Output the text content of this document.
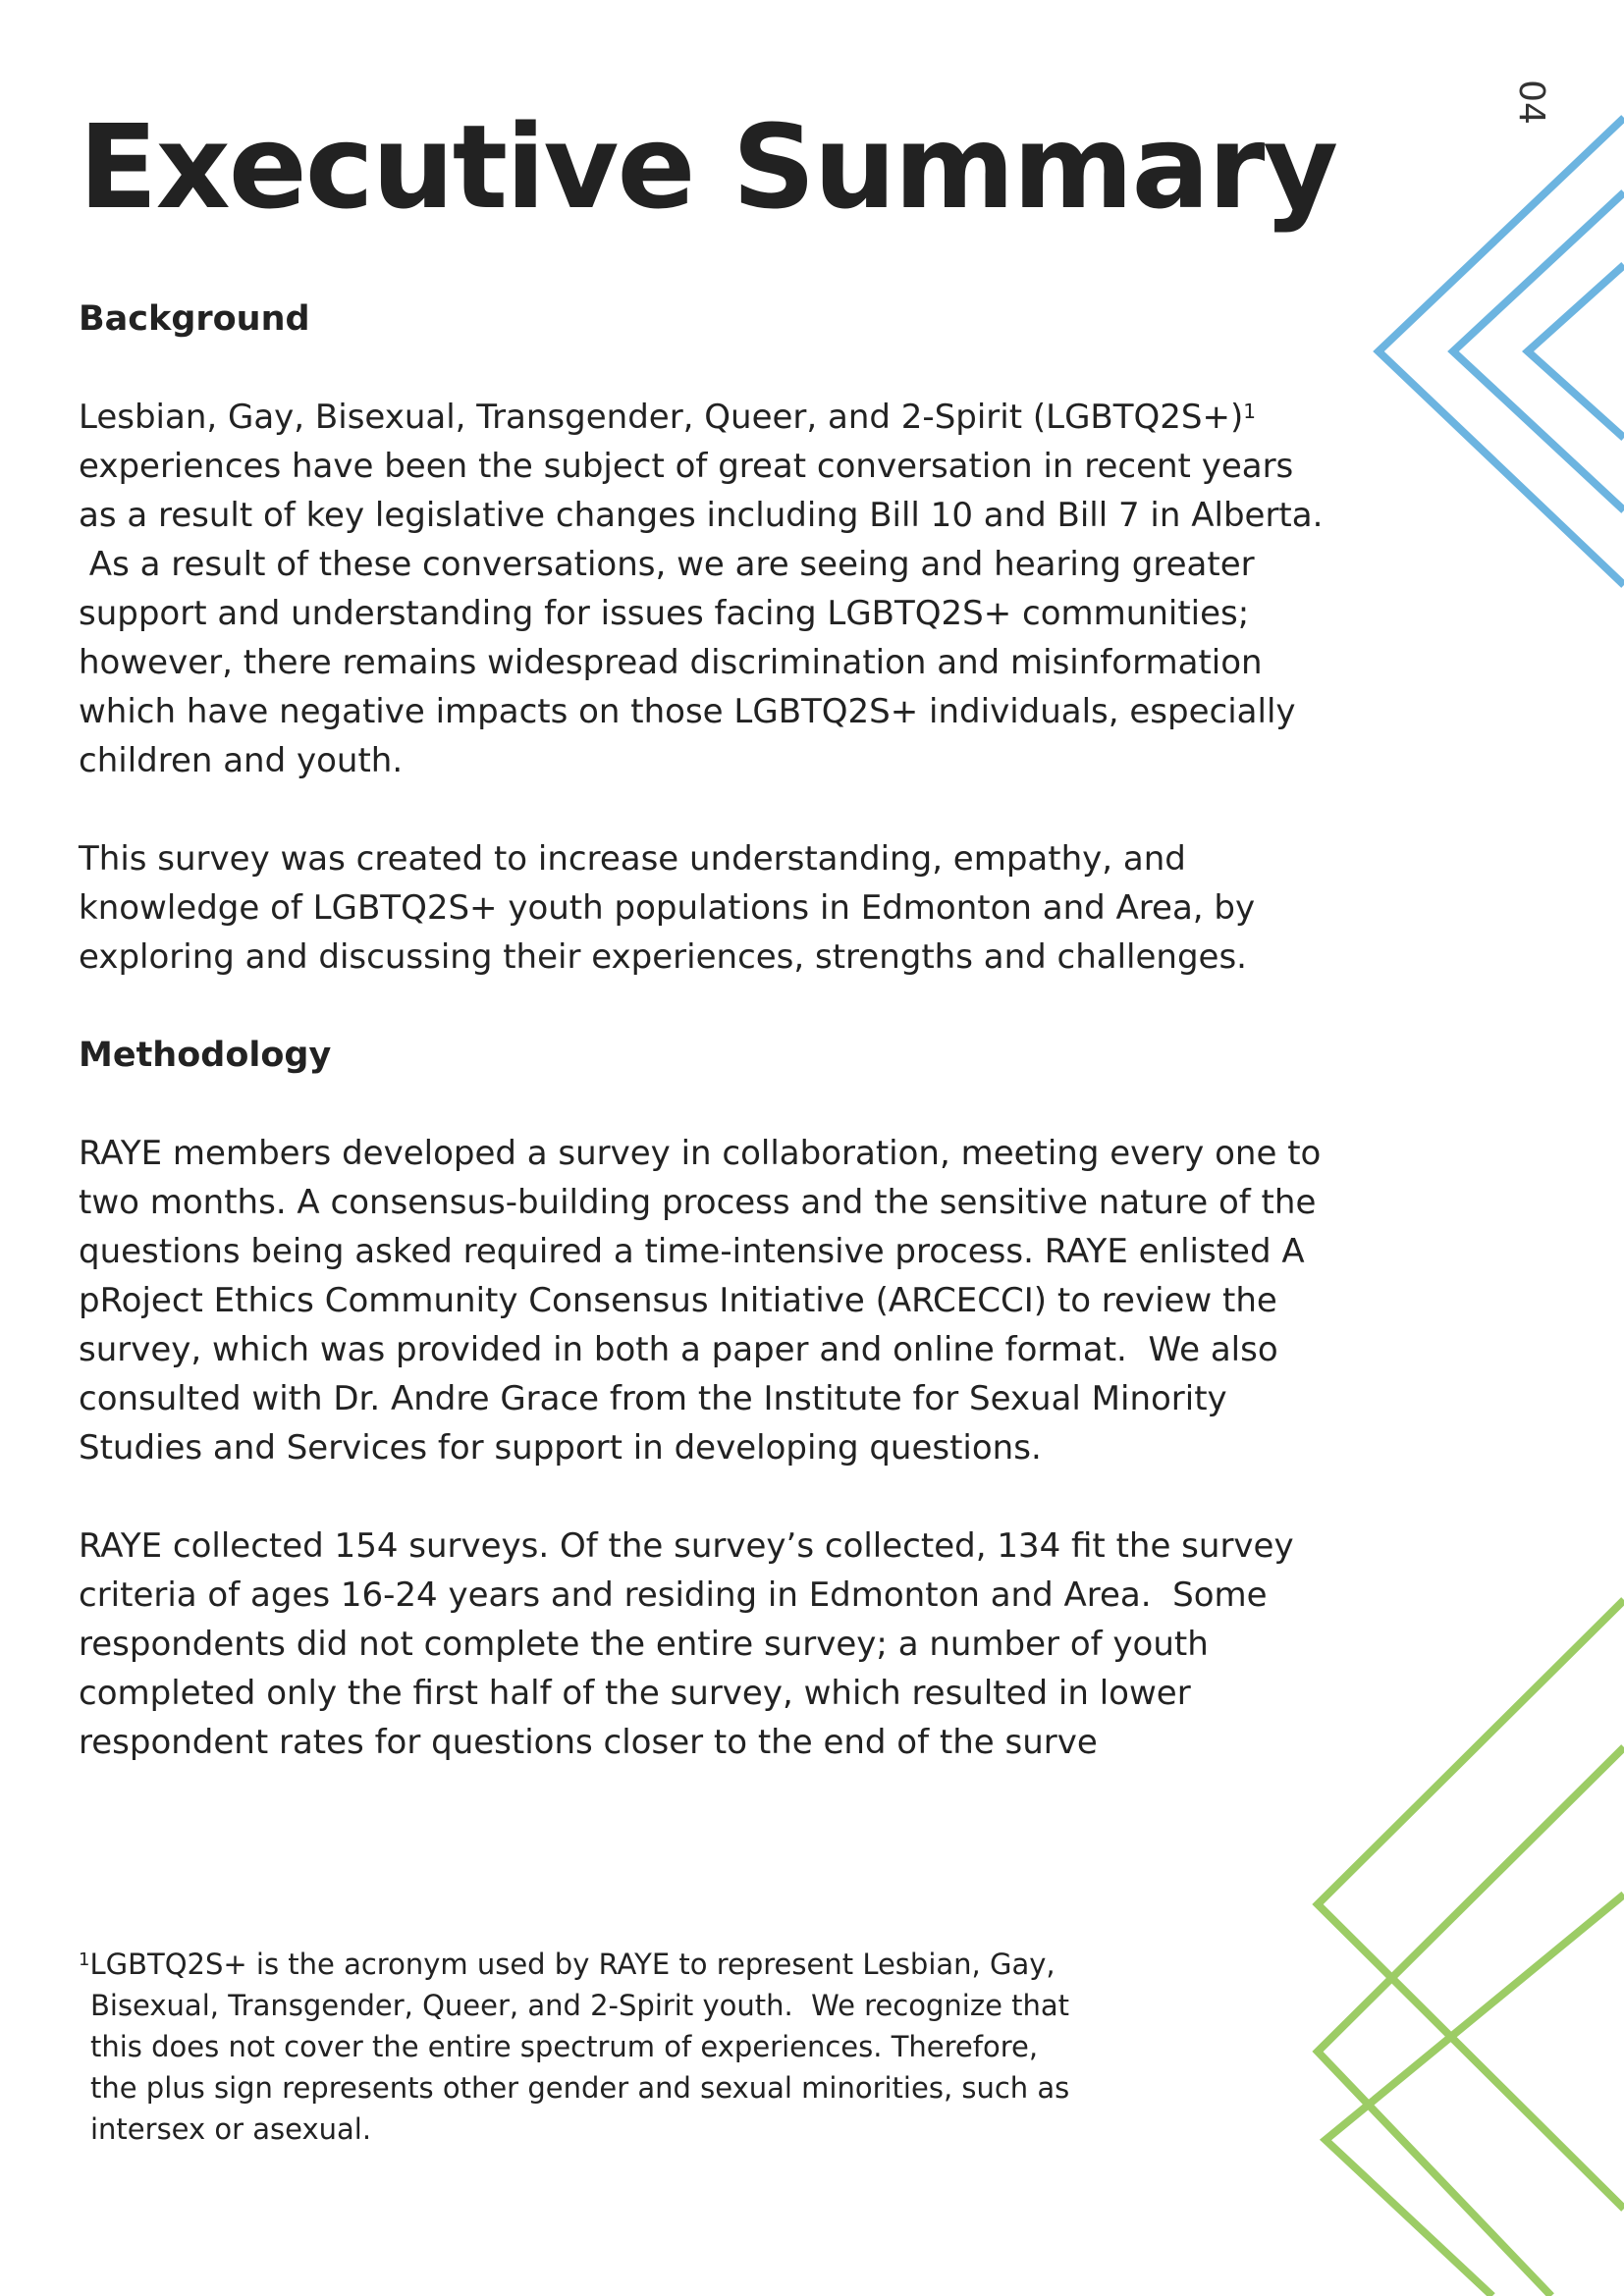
04
Executive Summary
Background
Lesbian, Gay, Bisexual, Transgender, Queer, and 2-Spirit (LGBTQ2S+)$^1$
experiences have been the subject of great conversation in recent years
as a result of key legislative changes including Bill 10 and Bill 7 in Alberta.
As a result of these conversations, we are seeing and hearing greater
support and understanding for issues facing LGBTQ2S+ communities;
however, there remains widespread discrimination and misinformation
which have negative impacts on those LGBTQ2S+ individuals, especially
children and youth.
This survey was created to increase understanding, empathy, and
knowledge of LGBTQ2S+ youth populations in Edmonton and Area, by
exploring and discussing their experiences, strengths and challenges.
Methodology
RAYE members developed a survey in collaboration, meeting every one to
two months. A consensus-building process and the sensitive nature of the
questions being asked required a time-intensive process. RAYE enlisted A
pRoject Ethics Community Consensus Initiative (ARCECCI) to review the
survey, which was provided in both a paper and online format.  We also
consulted with Dr. Andre Grace from the Institute for Sexual Minority
Studies and Services for support in developing questions.
RAYE collected 154 surveys. Of the survey’s collected, 134 fit the survey
criteria of ages 16-24 years and residing in Edmonton and Area.  Some
respondents did not complete the entire survey; a number of youth
completed only the first half of the survey, which resulted in lower
respondent rates for questions closer to the end of the surve
$^1$LGBTQ2S+ is the acronym used by RAYE to represent Lesbian, Gay,
Bisexual, Transgender, Queer, and 2-Spirit youth.  We recognize that
this does not cover the entire spectrum of experiences. Therefore,
the plus sign represents other gender and sexual minorities, such as
intersex or asexual.
